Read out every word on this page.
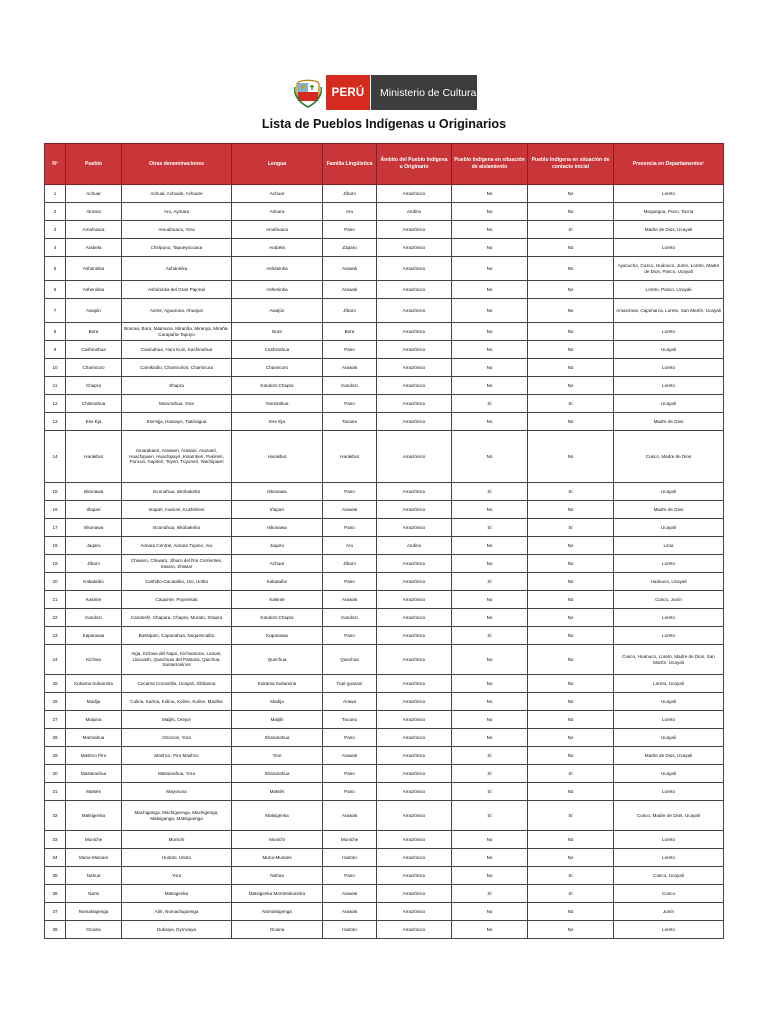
PERÚ	Ministerio de Cultura
Lista de Pueblos Indígenas u Originarios
Nº	Pueblo	Otras denominaciones	Lengua	Familia Lingüística	Ámbito del Pueblo Indígena u Originario	Pueblo Indígena en situación de aislamiento	Pueblo Indígena en situación de contacto inicial	Presencia en Departamentos¹
1	Achuar	Achual, Achuale, Achuare	Achuar	Jíbaro	Amazónico	No	No	Loreto
2	Aimara	Aru, Aymara	Aimara	Aru	Andino	No	No	Moquegua, Puno, Tacna
3	Amahuaca	Amuahuaca, Yora	Amahuaca	Pano	Amazónico	No	Sí	Madre de Dios, Ucayali
4	Arabela	Chiripuno, Tapueyocuaca	Arabela	Záparo	Amazónico	No	No	Loreto
5	Asháninka	Asháninka	Asháninka	Arawak	Amazónico	No	No	Ayacucho, Cusco, Huánuco, Junín, Loreto, Madre de Dios, Pasco, Ucayali
6	Asheninka	Asháninka del Gran Pajonal	Asheninka	Arawak	Amazónico	No	No	Loreto, Pasco, Ucayali
7	Awajún	Aents, Aguaruna, Ahuajun	Awajún	Jíbaro	Amazónico	No	No	Amazonas, Cajamarca, Loreto, San Martín, Ucayali
8	Bora	Booraa, Bora, Miamuna, Miranha, Miranya, Miraña-Carapaña-Tapuyo	Bora	Bora	Amazónico	No	No	Loreto
9	Cashinahua	Caxinahua, Huni Kuin, Kachinahua	Cashinahua	Pano	Amazónico	No	No	Ucayali
10	Chamicuro	Camikodlo, Chamicolos, Chamicura	Chamicuro	Arawak	Amazónico	No	No	Loreto
11	Chapra	Shapra	Kandozi-Chapra	Kandozi	Amazónico	No	No	Loreto
12	Chitonahua	Murunahua, Yora	Yaminahua	Pano	Amazónico	Sí	Sí	Ucayali
13	Ese Eja	Ese'ejja, Huarayo, Tiatinagua	Ese Eja	Tacana	Amazónico	No	No	Madre de Dios
14	Harakbut	Amarakaeri, Arasaeri, Arasairi, Arazaeri, Huachipaeri, Huachipayri, Kisamberi, Pukirieri, Puncuri, Sapiteri, Toyeri, Tuyuneri, Wachipaeri	Harakbut	Harakbut	Amazónico	No	No	Cusco, Madre de Dios
15	Iskonawa	Isconahua, Iskobakebo	Iskonawa	Pano	Amazónico	Sí	Sí	Ucayali
16	Iñapari	Inapari, Inamari, Kushitireni	Iñapari	Arawak	Amazónico	No	No	Madre de Dios
17	Iskonawa	Isconahua, Iskobakebo	Iskonawa	Pano	Amazónico	Sí	Sí	Ucayali
18	Jaqaru	Aimara Central, Aimara Tupino, Aru	Jaqaru	Aru	Andino	No	No	Lima
19	Jíbaro	Chiwaro, Chiwaro, Jíbaro del Río Corrientes, Siwaro, Shiwiar	Achuar	Jíbaro	Amazónico	No	No	Loreto
20	Kakataibo	Cashibo-Cacataibo, Uni, Unibo	Kakataibo	Pano	Amazónico	Sí	No	Huánuco, Ucayali
21	Kakinte	Caquinte, Poyenisati	Kakinte	Arawak	Amazónico	No	No	Cusco, Junín
22	Kandozi	Candoshi, Chapara, Chapra, Murato, Shapra	Kandozi-Chapra	Kandozi	Amazónico	No	No	Loreto
23	Kapanawa	Buskipani, Capanahua, Nuquencaibo	Kapanawa	Pano	Amazónico	Sí	No	Loreto
24	Kichwa	Inga, Kichwa del Napo, Kichwaruna, Lamas, Llacuash, Quechuas del Pastaza, Quichua, Santarrosinos	Quechua	Quechua	Amazónico	No	No	Cusco, Huánuco, Loreto, Madre de Dios, San Martín, Ucayali
25	Kukama Kukamiria	Cocama Cocamilla, Ucayali, Xibitaona	Kukama Kukamiria	Tupí-guaraní	Amazónico	No	No	Loreto, Ucayali
26	Madija	Culina, Karina, Kolina, Koline, Kuline, Madiha	Madija	Arawa	Amazónico	No	No	Ucayali
27	Maijuna	Maijiki, Orejon	Maijiki	Tucano	Amazónico	No	No	Loreto
28	Marinahua	Onocoin, Yora	Sharanahua	Pano	Amazónico	No	No	Ucayali
29	Mashco Piro	Mashco, Piro Mashco	Yine	Arawak	Amazónico	Sí	No	Madre de Dios, Ucayali
30	Mastanahua	Matsanahua, Yora	Sharanahua	Pano	Amazónico	Sí	Sí	Ucayali
31	Matsés	Mayoruna	Matsés	Pano	Amazónico	Sí	No	Loreto
32	Matsigenka	Machiganga, Machiguenga, Machigenga, Matsiganga, Matsiguenga	Matsigenka	Arawak	Amazónico	Sí	Sí	Cusco, Madre de Dios, Ucayali
33	Muniche	Munichi	Munichi	Muniche	Amazónico	No	No	Loreto
34	Murui-Muinanɨ	Huitoto, Uitoto	Murui-Muinanɨ	Huitoto	Amazónico	No	No	Loreto
35	Nahua	Yora	Nahua	Pano	Amazónico	No	Sí	Cusco, Ucayali
36	Nanti	Matsigenka	Matsigenka Montetokunirira	Arawak	Amazónico	Sí	Sí	Cusco
37	Nomatsigenga	Atiri, Nomachiguenga	Nomatsigenga	Arawak	Amazónico	No	No	Junín
38	Ocaina	Dukaiya, Dyo'xaiya	Ocaina	Huitoto	Amazónico	No	No	Loreto
